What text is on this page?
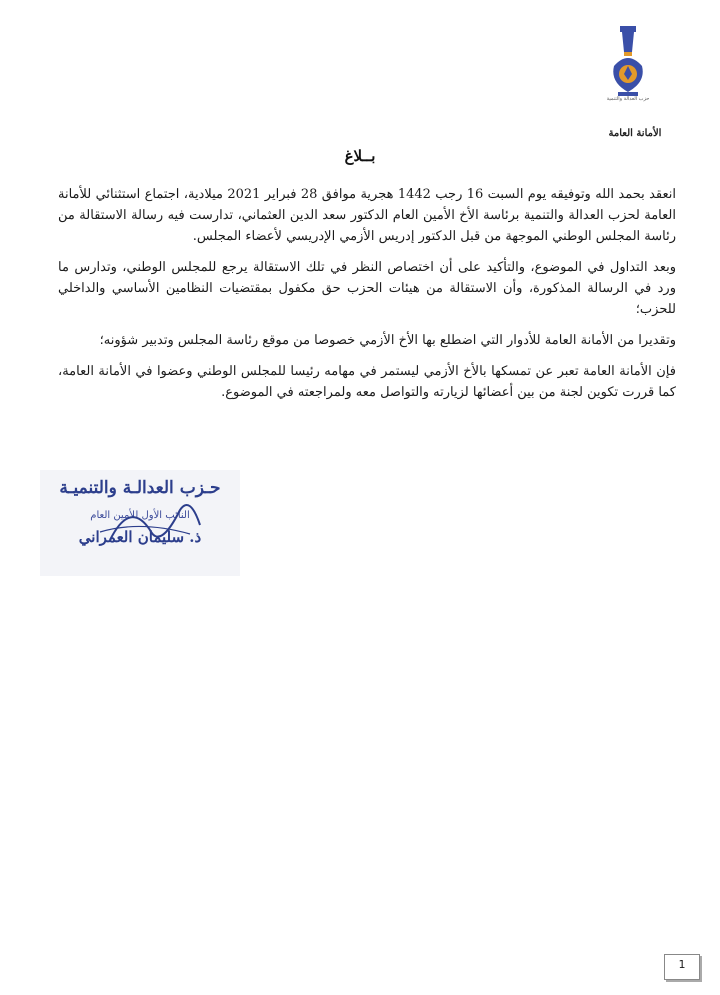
حزب العدالة والتنمية
الأمانة العامة
بــلاغ

انعقد بحمد الله وتوفيقه يوم السبت 16 رجب 1442 هجرية موافق 28 فبراير 2021 ميلادية، اجتماع استثنائي للأمانة العامة لحزب العدالة والتنمية برئاسة الأخ الأمين العام الدكتور سعد الدين العثماني، تدارست فيه رسالة الاستقالة من رئاسة المجلس الوطني الموجهة من قبل الدكتور إدريس الأزمي الإدريسي لأعضاء المجلس.

وبعد التداول في الموضوع، والتأكيد على أن اختصاص النظر في تلك الاستقالة يرجع للمجلس الوطني، وتدارس ما ورد في الرسالة المذكورة، وأن الاستقالة من هيئات الحزب حق مكفول بمقتضيات النظامين الأساسي والداخلي للحزب؛

وتقديرا من الأمانة العامة للأدوار التي اضطلع بها الأخ الأزمي خصوصا من موقع رئاسة المجلس وتدبير شؤونه؛

فإن الأمانة العامة تعبر عن تمسكها بالأخ الأزمي ليستمر في مهامه رئيسا للمجلس الوطني وعضوا في الأمانة العامة، كما قررت تكوين لجنة من بين أعضائها لزيارته والتواصل معه ولمراجعته في الموضوع.

حـزب العدالـة والتنميـة
النائب الأول للأمين العام
ذ. سليمان العمراني
1
